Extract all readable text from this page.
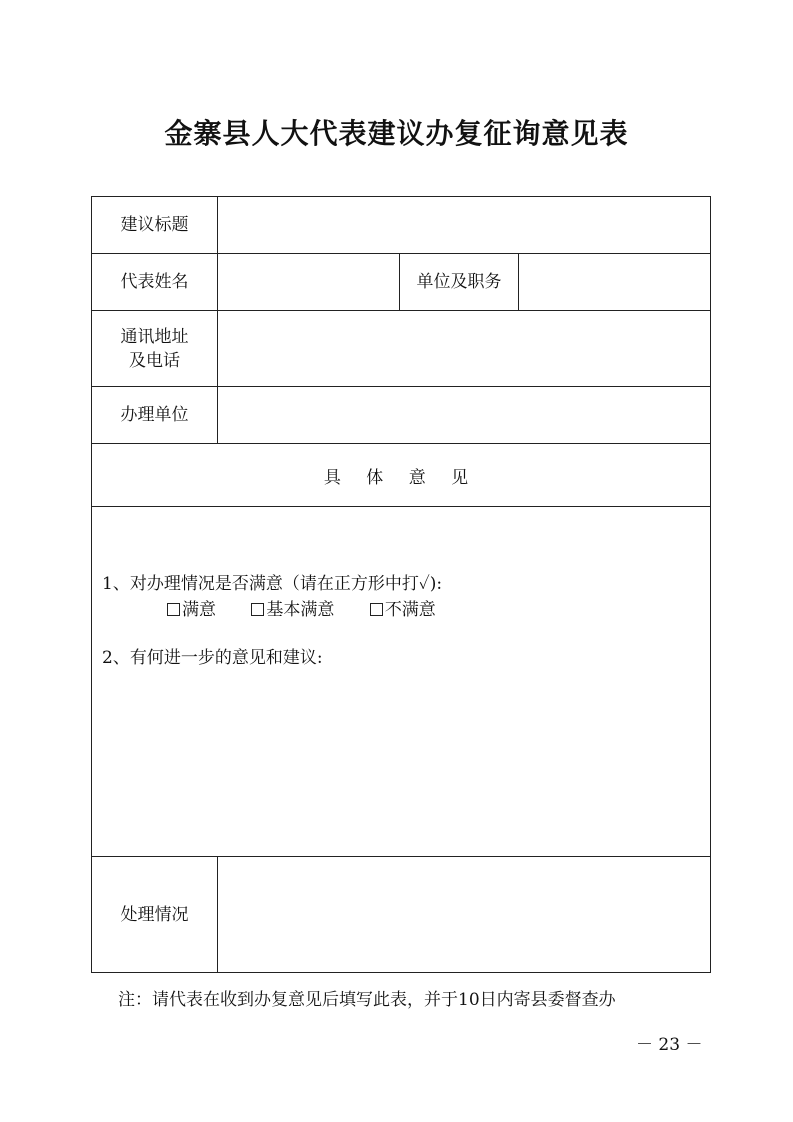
金寨县人大代表建议办复征询意见表
建议标题			
代表姓名		单位及职务	

通讯地址
及电话			

办理单位			
具 体 意 见			

1、对办理情况是否满意（请在正方形中打✓):
满意 基本满意 不满意
2、有何进一步的意见和建议:			

处理情况			
注：请代表在收到办复意见后填写此表，并于10日内寄县委督查办
－ 23 －
